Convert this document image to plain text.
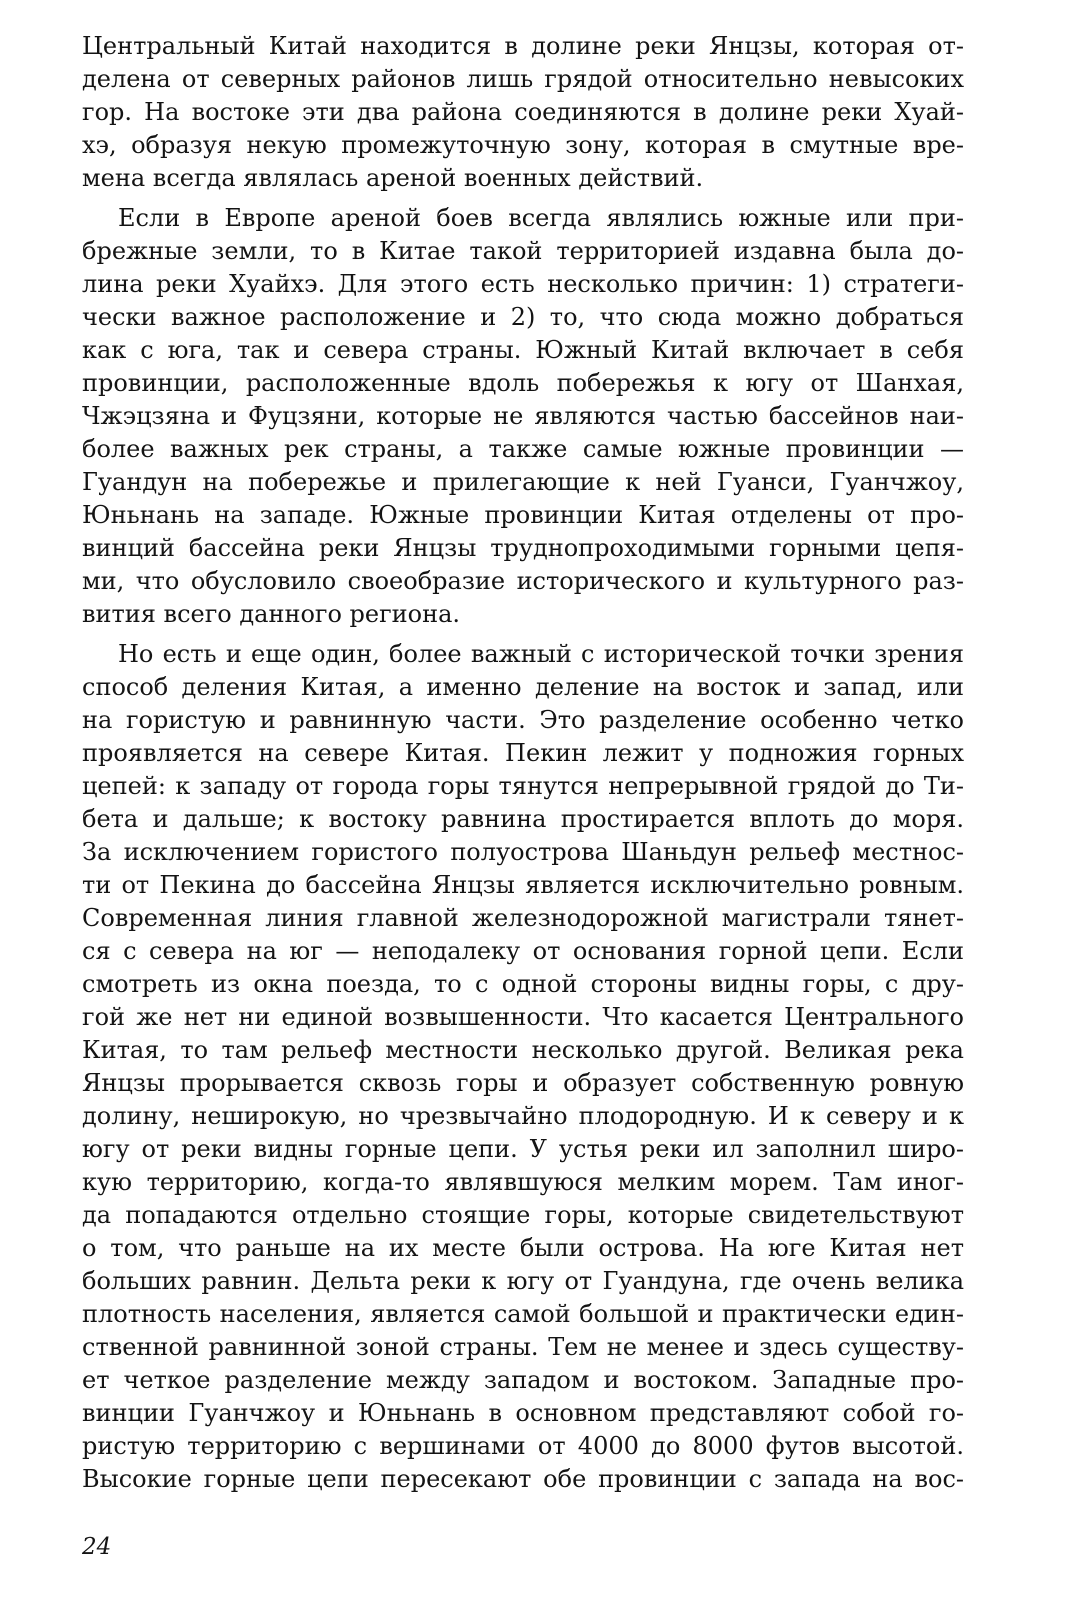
Центральный Китай находится в долине реки Янцзы, которая от-
делена от северных районов лишь грядой относительно невысоких
гор. На востоке эти два района соединяются в долине реки Хуай-
хэ, образуя некую промежуточную зону, которая в смутные вре-
мена всегда являлась ареной военных действий.

Если в Европе ареной боев всегда являлись южные или при-
брежные земли, то в Китае такой территорией издавна была до-
лина реки Хуайхэ. Для этого есть несколько причин: 1) стратеги-
чески важное расположение и 2) то, что сюда можно добраться
как с юга, так и севера страны. Южный Китай включает в себя
провинции, расположенные вдоль побережья к югу от Шанхая,
Чжэцзяна и Фуцзяни, которые не являются частью бассейнов наи-
более важных рек страны, а также самые южные провинции —
Гуандун на побережье и прилегающие к ней Гуанси, Гуанчжоу,
Юньнань на западе. Южные провинции Китая отделены от про-
винций бассейна реки Янцзы труднопроходимыми горными цепя-
ми, что обусловило своеобразие исторического и культурного раз-
вития всего данного региона.

Но есть и еще один, более важный с исторической точки зрения
способ деления Китая, а именно деление на восток и запад, или
на гористую и равнинную части. Это разделение особенно четко
проявляется на севере Китая. Пекин лежит у подножия горных
цепей: к западу от города горы тянутся непрерывной грядой до Ти-
бета и дальше; к востоку равнина простирается вплоть до моря.
За исключением гористого полуострова Шаньдун рельеф местнос-
ти от Пекина до бассейна Янцзы является исключительно ровным.
Современная линия главной железнодорожной магистрали тянет-
ся с севера на юг — неподалеку от основания горной цепи. Если
смотреть из окна поезда, то с одной стороны видны горы, с дру-
гой же нет ни единой возвышенности. Что касается Центрального
Китая, то там рельеф местности несколько другой. Великая река
Янцзы прорывается сквозь горы и образует собственную ровную
долину, неширокую, но чрезвычайно плодородную. И к северу и к
югу от реки видны горные цепи. У устья реки ил заполнил широ-
кую территорию, когда-то являвшуюся мелким морем. Там иног-
да попадаются отдельно стоящие горы, которые свидетельствуют
о том, что раньше на их месте были острова. На юге Китая нет
больших равнин. Дельта реки к югу от Гуандуна, где очень велика
плотность населения, является самой большой и практически един-
ственной равнинной зоной страны. Тем не менее и здесь существу-
ет четкое разделение между западом и востоком. Западные про-
винции Гуанчжоу и Юньнань в основном представляют собой го-
ристую территорию с вершинами от 4000 до 8000 футов высотой.
Высокие горные цепи пересекают обе провинции с запада на вос-

24
